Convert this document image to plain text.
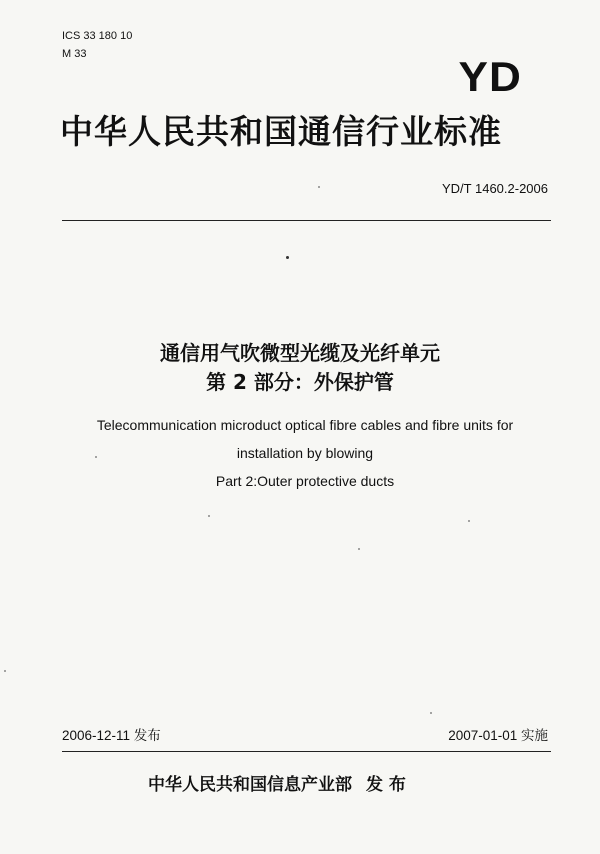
ICS 33 180 10
M 33	YD
中华人民共和国通信行业标准
YD/T 1460.2-2006
通信用气吹微型光缆及光纤单元
第 2 部分：外保护管
Telecommunication microduct optical fibre cables and fibre units for
installation by blowing
Part 2:Outer protective ducts
2006-12-11 发布	2007-01-01 实施
中华人民共和国信息产业部 发 布
